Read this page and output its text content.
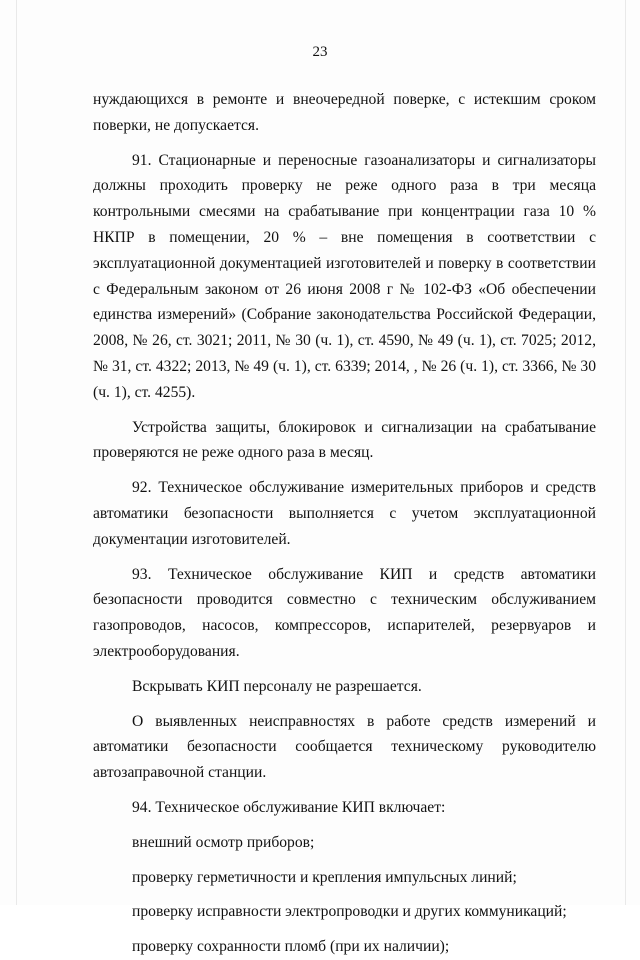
23

нуждающихся в ремонте и внеочередной поверке, с истекшим сроком поверки, не допускается.

91. Стационарные и переносные газоанализаторы и сигнализаторы должны проходить проверку не реже одного раза в три месяца контрольными смесями на срабатывание при концентрации газа 10 % НКПР в помещении, 20 % – вне помещения в соответствии с эксплуатационной документацией изготовителей и поверку в соответствии с Федеральным законом от 26 июня 2008 г № 102-ФЗ «Об обеспечении единства измерений» (Собрание законодательства Российской Федерации, 2008, № 26, ст. 3021; 2011, № 30 (ч. 1), ст. 4590, № 49 (ч. 1), ст. 7025; 2012, № 31, ст. 4322; 2013, № 49 (ч. 1), ст. 6339; 2014, , № 26 (ч. 1), ст. 3366, № 30 (ч. 1), ст. 4255).

Устройства защиты, блокировок и сигнализации на срабатывание проверяются не реже одного раза в месяц.

92. Техническое обслуживание измерительных приборов и средств автоматики безопасности выполняется с учетом эксплуатационной документации изготовителей.

93. Техническое обслуживание КИП и средств автоматики безопасности проводится совместно с техническим обслуживанием газопроводов, насосов, компрессоров, испарителей, резервуаров и электрооборудования.

Вскрывать КИП персоналу не разрешается.

О выявленных неисправностях в работе средств измерений и автоматики безопасности сообщается техническому руководителю автозаправочной станции.

94. Техническое обслуживание КИП включает:

внешний осмотр приборов;

проверку герметичности и крепления импульсных линий;

проверку исправности электропроводки и других коммуникаций;

проверку сохранности пломб (при их наличии);
